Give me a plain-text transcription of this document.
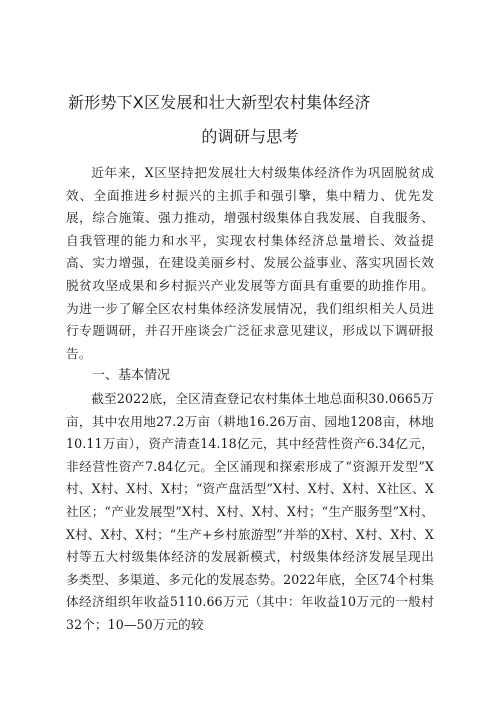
新形势下X区发展和壮大新型农村集体经济
的调研与思考

近年来，X区坚持把发展壮大村级集体经济作为巩固脱贫成效、全面推进乡村振兴的主抓手和强引擎，集中精力、优先发展，综合施策、强力推动，增强村级集体自我发展、自我服务、自我管理的能力和水平，实现农村集体经济总量增长、效益提高、实力增强，在建设美丽乡村、发展公益事业、落实巩固长效脱贫攻坚成果和乡村振兴产业发展等方面具有重要的助推作用。为进一步了解全区农村集体经济发展情况，我们组织相关人员进行专题调研，并召开座谈会广泛征求意见建议，形成以下调研报告。

一、基本情况

截至2022底，全区清查登记农村集体土地总面积30.0665万亩，其中农用地27.2万亩（耕地16.26万亩、园地1208亩，林地10.11万亩），资产清查14.18亿元，其中经营性资产6.34亿元，非经营性资产7.84亿元。全区涌现和探索形成了“资源开发型”X村、X村、X村、X村；“资产盘活型”X村、X村、X村、X社区、X社区；“产业发展型”X村、X村、X村、X村；“生产服务型”X村、X村、X村、X村；“生产+乡村旅游型”并举的X村、X村、X村、X村等五大村级集体经济的发展新模式，村级集体经济发展呈现出多类型、多渠道、多元化的发展态势。2022年底，全区74个村集体经济组织年收益5110.66万元（其中：年收益10万元的一般村32个；10—50万元的较
